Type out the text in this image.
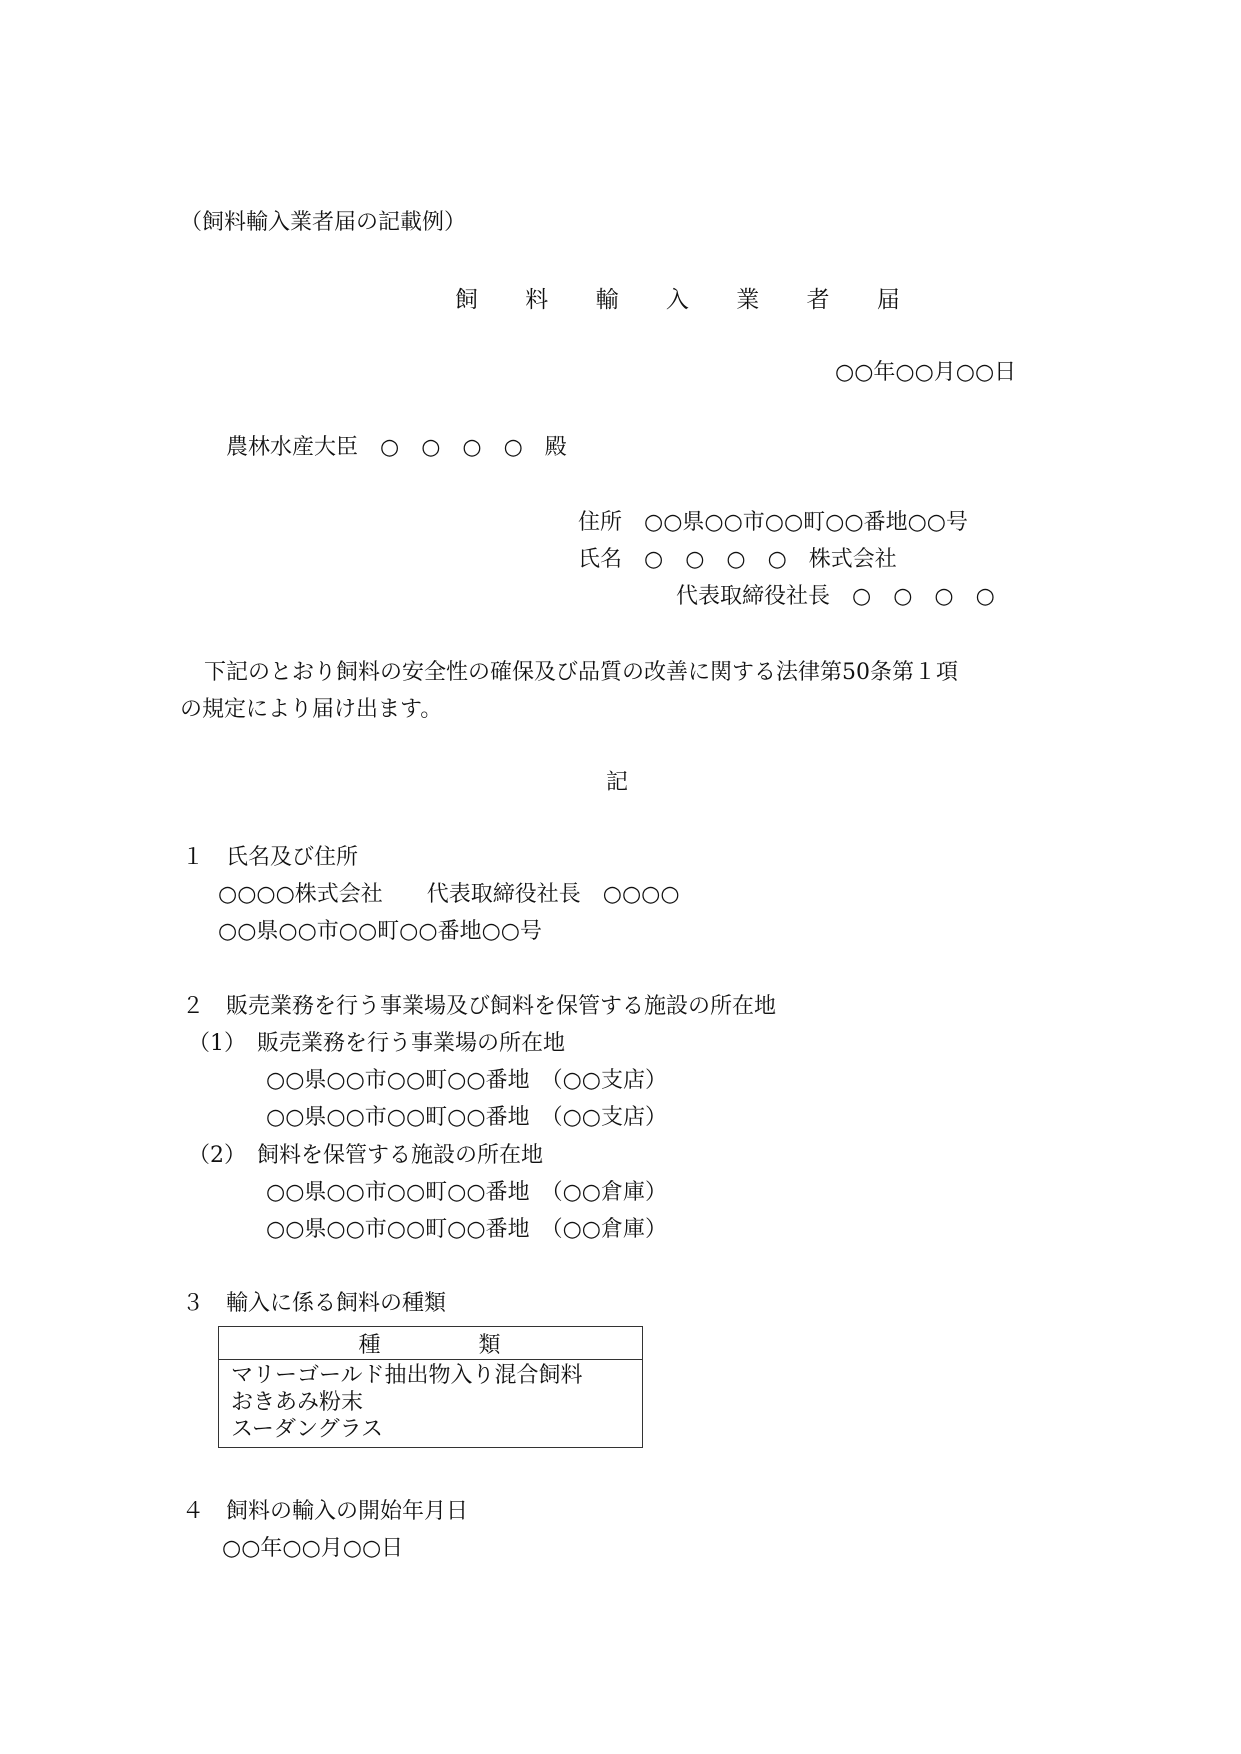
（飼料輸入業者届の記載例）

飼 料 輸 入 業 者 届

○○年○○月○○日

農林水産大臣　○　○　○　○　殿

住所　○○県○○市○○町○○番地○○号

氏名　○　○　○　○　株式会社

代表取締役社長　○　○　○　○

下記のとおり飼料の安全性の確保及び品質の改善に関する法律第50条第１項

の規定により届け出ます。

記

１　氏名及び住所

○○○○株式会社　　代表取締役社長　○○○○

○○県○○市○○町○○番地○○号

２　販売業務を行う事業場及び飼料を保管する施設の所在地

（1）　販売業務を行う事業場の所在地

○○県○○市○○町○○番地　（○○支店）

○○県○○市○○町○○番地　（○○支店）

（2）　飼料を保管する施設の所在地

○○県○○市○○町○○番地　（○○倉庫）

○○県○○市○○町○○番地　（○○倉庫）

３　輸入に係る飼料の種類

種　　　　類

マリーゴールド抽出物入り混合飼料
おきあみ粉末
スーダングラス

４　飼料の輸入の開始年月日

○○年○○月○○日
